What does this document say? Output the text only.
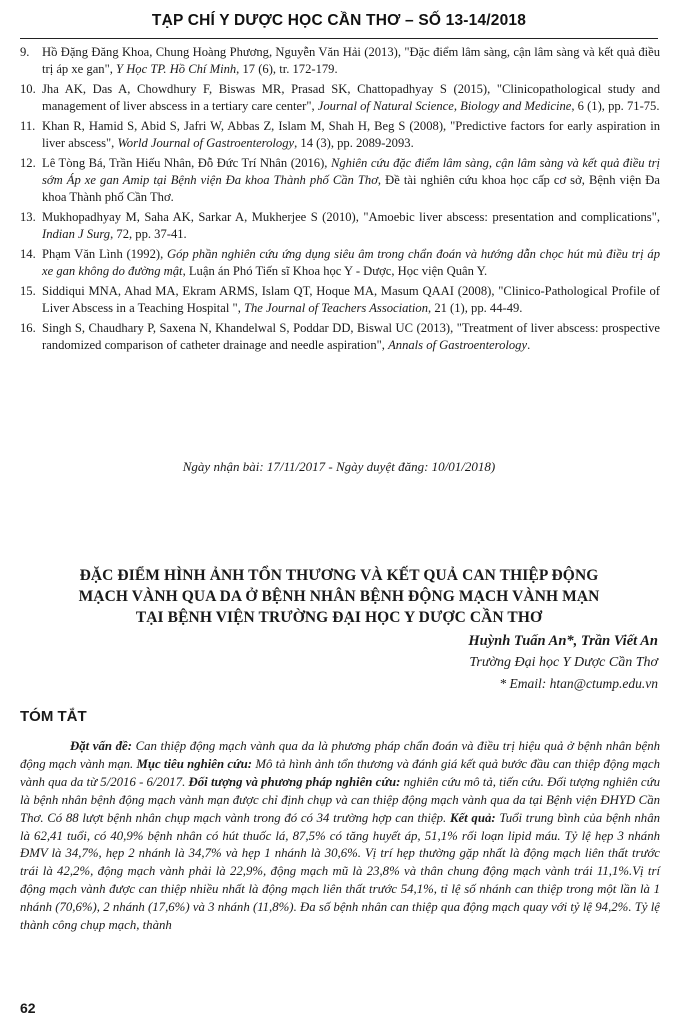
TẠP CHÍ Y DƯỢC HỌC CẦN THƠ – SỐ 13-14/2018
9. Hồ Đặng Đăng Khoa, Chung Hoàng Phương, Nguyễn Văn Hải (2013), "Đặc điểm lâm sàng, cận lâm sàng và kết quả điều trị áp xe gan", Y Học TP. Hồ Chí Minh, 17 (6), tr. 172-179.
10. Jha AK, Das A, Chowdhury F, Biswas MR, Prasad SK, Chattopadhyay S (2015), "Clinicopathological study and management of liver abscess in a tertiary care center", Journal of Natural Science, Biology and Medicine, 6 (1), pp. 71-75.
11. Khan R, Hamid S, Abid S, Jafri W, Abbas Z, Islam M, Shah H, Beg S (2008), "Predictive factors for early aspiration in liver abscess", World Journal of Gastroenterology, 14 (3), pp. 2089-2093.
12. Lê Tòng Bá, Trần Hiếu Nhân, Đỗ Đức Trí Nhân (2016), Nghiên cứu đặc điểm lâm sàng, cận lâm sàng và kết quả điều trị sớm Áp xe gan Amip tại Bệnh viện Đa khoa Thành phố Cần Thơ, Đề tài nghiên cứu khoa học cấp cơ sở, Bệnh viện Đa khoa Thành phố Cần Thơ.
13. Mukhopadhyay M, Saha AK, Sarkar A, Mukherjee S (2010), "Amoebic liver abscess: presentation and complications", Indian J Surg, 72, pp. 37-41.
14. Phạm Văn Lình (1992), Góp phần nghiên cứu ứng dụng siêu âm trong chẩn đoán và hướng dẫn chọc hút mủ điều trị áp xe gan không do đường mật, Luận án Phó Tiến sĩ Khoa học Y - Dược, Học viện Quân Y.
15. Siddiqui MNA, Ahad MA, Ekram ARMS, Islam QT, Hoque MA, Masum QAAI (2008), "Clinico-Pathological Profile of Liver Abscess in a Teaching Hospital ", The Journal of Teachers Association, 21 (1), pp. 44-49.
16. Singh S, Chaudhary P, Saxena N, Khandelwal S, Poddar DD, Biswal UC (2013), "Treatment of liver abscess: prospective randomized comparison of catheter drainage and needle aspiration", Annals of Gastroenterology.
Ngày nhận bài: 17/11/2017 - Ngày duyệt đăng: 10/01/2018)
ĐẶC ĐIỂM HÌNH ẢNH TỔN THƯƠNG VÀ KẾT QUẢ CAN THIỆP ĐỘNG
MẠCH VÀNH QUA DA Ở BỆNH NHÂN BỆNH ĐỘNG MẠCH VÀNH MẠN
TẠI BỆNH VIỆN TRƯỜNG ĐẠI HỌC Y DƯỢC CẦN THƠ
Huỳnh Tuấn An*, Trần Viết An
Trường Đại học Y Dược Cần Thơ
* Email: htan@ctump.edu.vn
TÓM TẮT
Đặt vấn đề: Can thiệp động mạch vành qua da là phương pháp chẩn đoán và điều trị hiệu quả ở bệnh nhân bệnh động mạch vành mạn. Mục tiêu nghiên cứu: Mô tả hình ảnh tổn thương và đánh giá kết quả bước đầu can thiệp động mạch vành qua da từ 5/2016 - 6/2017. Đối tượng và phương pháp nghiên cứu: nghiên cứu mô tả, tiến cứu. Đối tượng nghiên cứu là bệnh nhân bệnh động mạch vành mạn được chỉ định chụp và can thiệp động mạch vành qua da tại Bệnh viện ĐHYD Cần Thơ. Có 88 lượt bệnh nhân chụp mạch vành trong đó có 34 trường hợp can thiệp. Kết quả: Tuổi trung bình của bệnh nhân là 62,41 tuổi, có 40,9% bệnh nhân có hút thuốc lá, 87,5% có tăng huyết áp, 51,1% rối loạn lipid máu. Tỷ lệ hẹp 3 nhánh ĐMV là 34,7%, hẹp 2 nhánh là 34,7% và hẹp 1 nhánh là 30,6%. Vị trí hẹp thường gặp nhất là động mạch liên thất trước trái là 42,2%, động mạch vành phải là 22,9%, động mạch mũ là 23,8% và thân chung động mạch vành trái 11,1%.Vị trí động mạch vành được can thiệp nhiều nhất là động mạch liên thất trước 54,1%, tỉ lệ số nhánh can thiệp trong một lần là 1 nhánh (70,6%), 2 nhánh (17,6%) và 3 nhánh (11,8%). Đa số bệnh nhân can thiệp qua động mạch quay với tỷ lệ 94,2%. Tỷ lệ thành công chụp mạch, thành
62
